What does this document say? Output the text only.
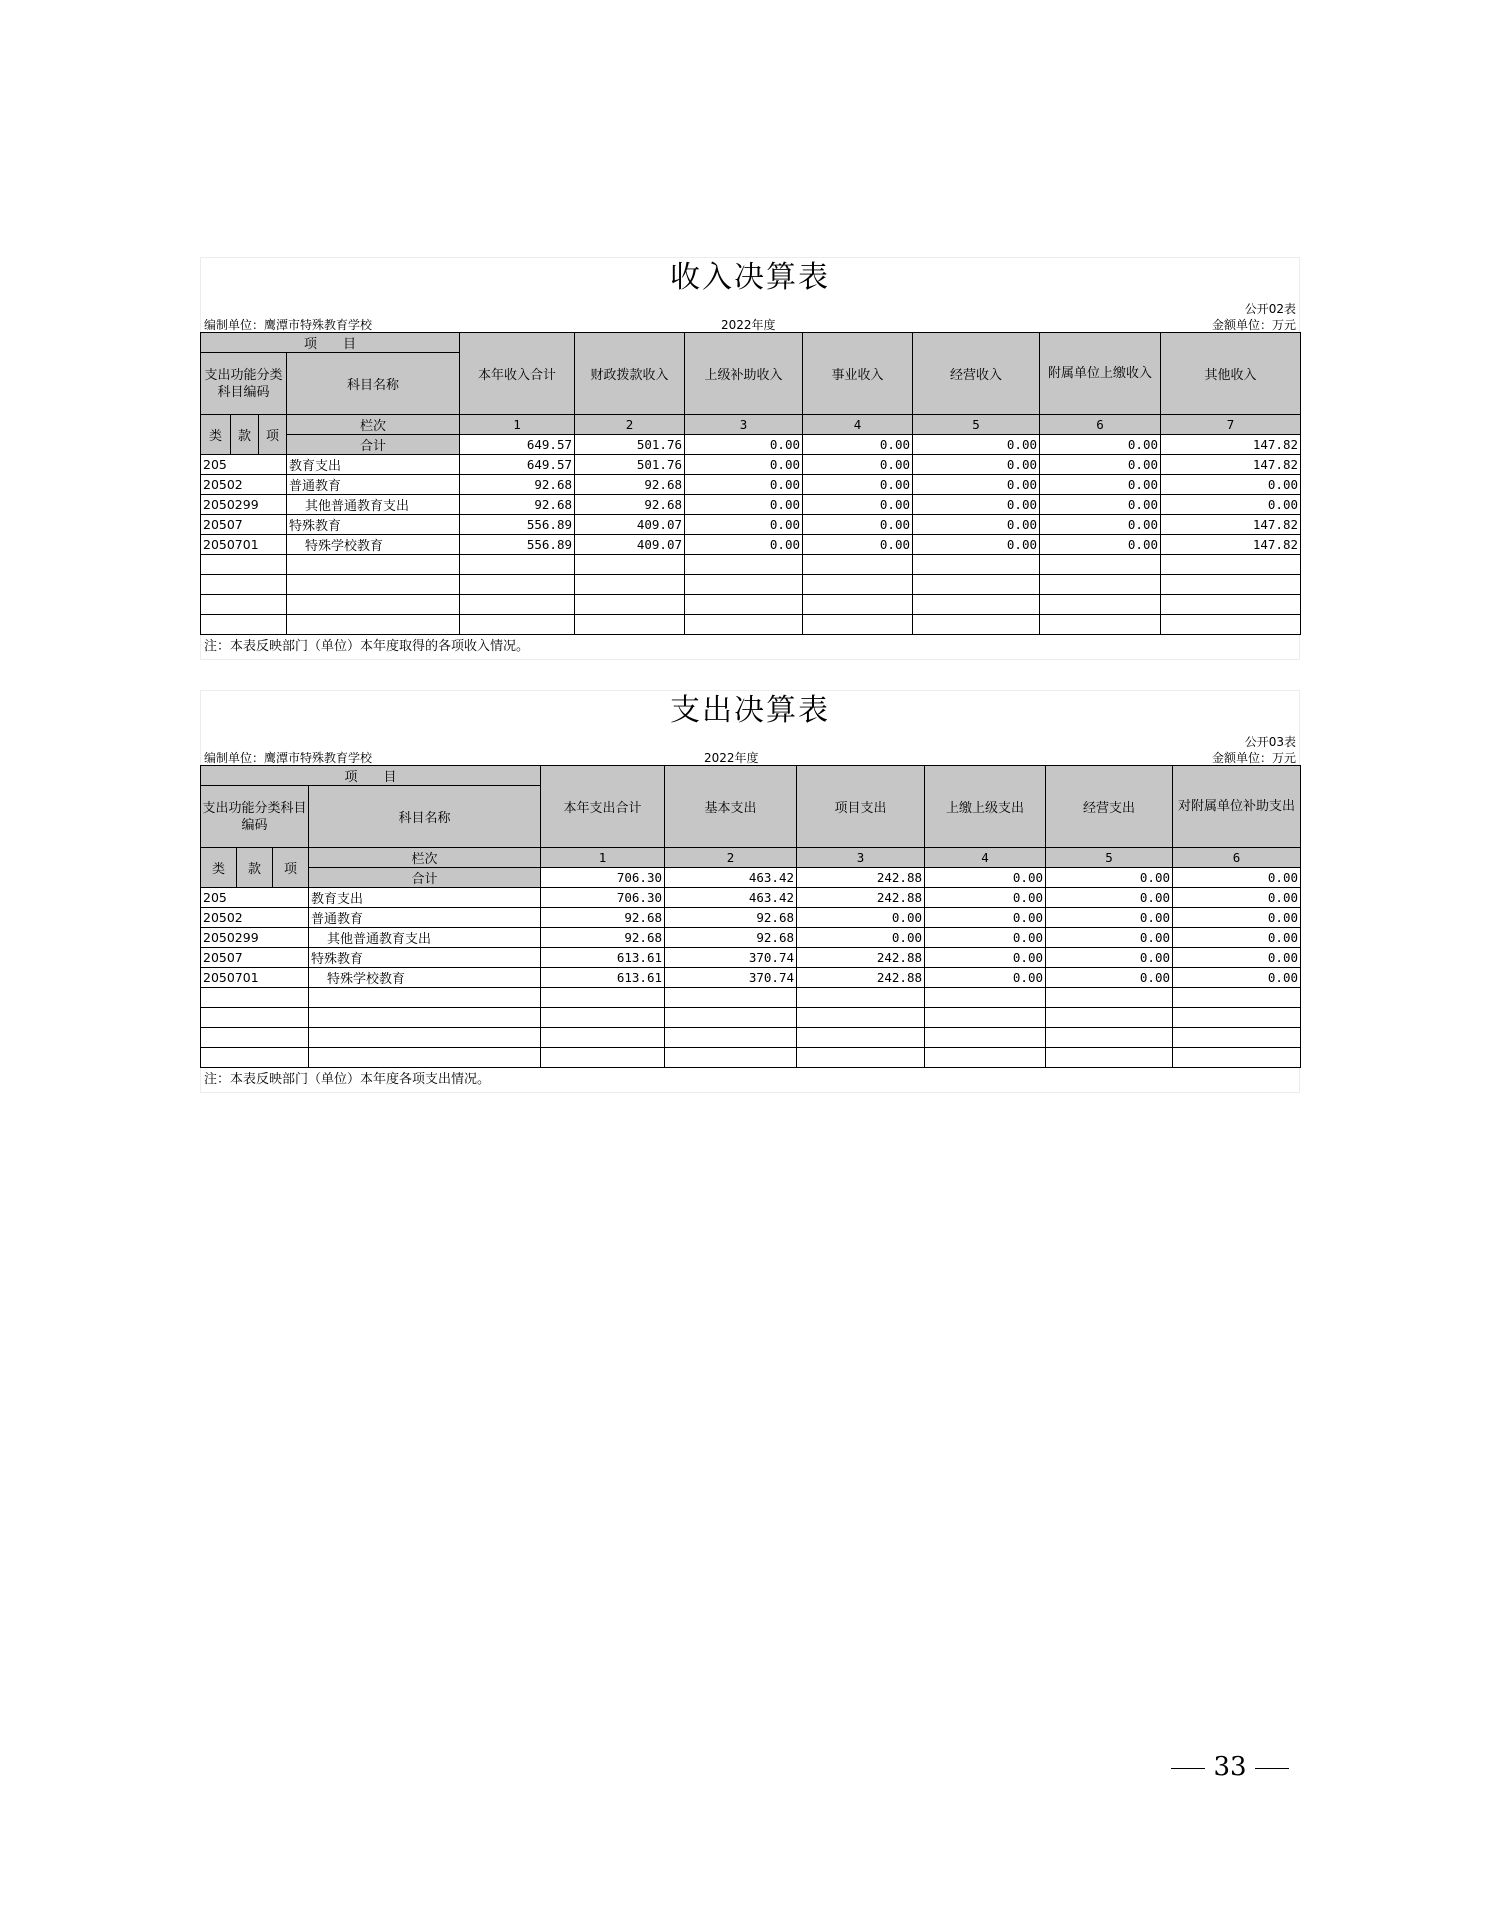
收入决算表
公开02表
编制单位：鹰潭市特殊教育学校	2022年度	金额单位：万元
项　　目				本年收入合计	财政拨款收入	上级补助收入	事业收入	经营收入	附属单位上缴收入	其他收入
支出功能分类科目编码			科目名称							

类	款	项	栏次	1	2	3	4	5	6	7
			合计	649.57	501.76	0.00	0.00	0.00	0.00	147.82
205			教育支出	649.57	501.76	0.00	0.00	0.00	0.00	147.82
20502			普通教育	92.68	92.68	0.00	0.00	0.00	0.00	0.00
2050299			其他普通教育支出	92.68	92.68	0.00	0.00	0.00	0.00	0.00
20507			特殊教育	556.89	409.07	0.00	0.00	0.00	0.00	147.82
2050701			特殊学校教育	556.89	409.07	0.00	0.00	0.00	0.00	147.82

注：本表反映部门（单位）本年度取得的各项收入情况。
支出决算表
公开03表
编制单位：鹰潭市特殊教育学校	2022年度	金额单位：万元
项　　目				本年支出合计	基本支出	项目支出	上缴上级支出	经营支出	对附属单位补助支出
支出功能分类科目编码			科目名称						

类	款	项	栏次	1	2	3	4	5	6
			合计	706.30	463.42	242.88	0.00	0.00	0.00
205			教育支出	706.30	463.42	242.88	0.00	0.00	0.00
20502			普通教育	92.68	92.68	0.00	0.00	0.00	0.00
2050299			其他普通教育支出	92.68	92.68	0.00	0.00	0.00	0.00
20507			特殊教育	613.61	370.74	242.88	0.00	0.00	0.00
2050701			特殊学校教育	613.61	370.74	242.88	0.00	0.00	0.00

注：本表反映部门（单位）本年度各项支出情况。
33
